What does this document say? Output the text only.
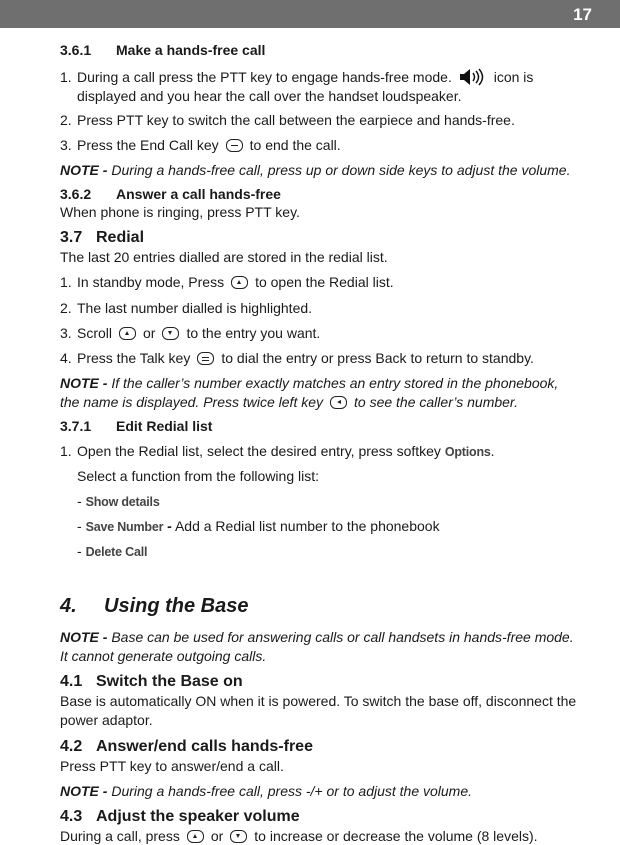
17
3.6.1 Make a hands-free call
1. During a call press the PTT key to engage hands-free mode.	icon is
displayed and you hear the call over the handset loudspeaker.
2. Press PTT key to switch the call between the earpiece and hands-free.
3. Press the End Call key to end the call.
NOTE - During a hands-free call, press up or down side keys to adjust the volume.
3.6.2 Answer a call hands-free
When phone is ringing, press PTT key.
3.7 Redial
The last 20 entries dialled are stored in the redial list.
1. In standby mode, Press to open the Redial list.
2. The last number dialled is highlighted.
3. Scroll or to the entry you want.
4. Press the Talk key to dial the entry or press Back to return to standby.
NOTE - If the caller’s number exactly matches an entry stored in the phonebook,
the name is displayed. Press twice left key to see the caller’s number.
3.7.1 Edit Redial list
1. Open the Redial list, select the desired entry, press softkey Options.
Select a function from the following list:
- Show details
- Save Number - Add a Redial list number to the phonebook
- Delete Call
4. Using the Base
NOTE - Base can be used for answering calls or call handsets in hands-free mode.
It cannot generate outgoing calls.
4.1 Switch the Base on
Base is automatically ON when it is powered. To switch the base off, disconnect the
power adaptor.
4.2 Answer/end calls hands-free
Press PTT key to answer/end a call.
NOTE - During a hands-free call, press -/+ or to adjust the volume.
4.3 Adjust the speaker volume
During a call, press or to increase or decrease the volume (8 levels).
